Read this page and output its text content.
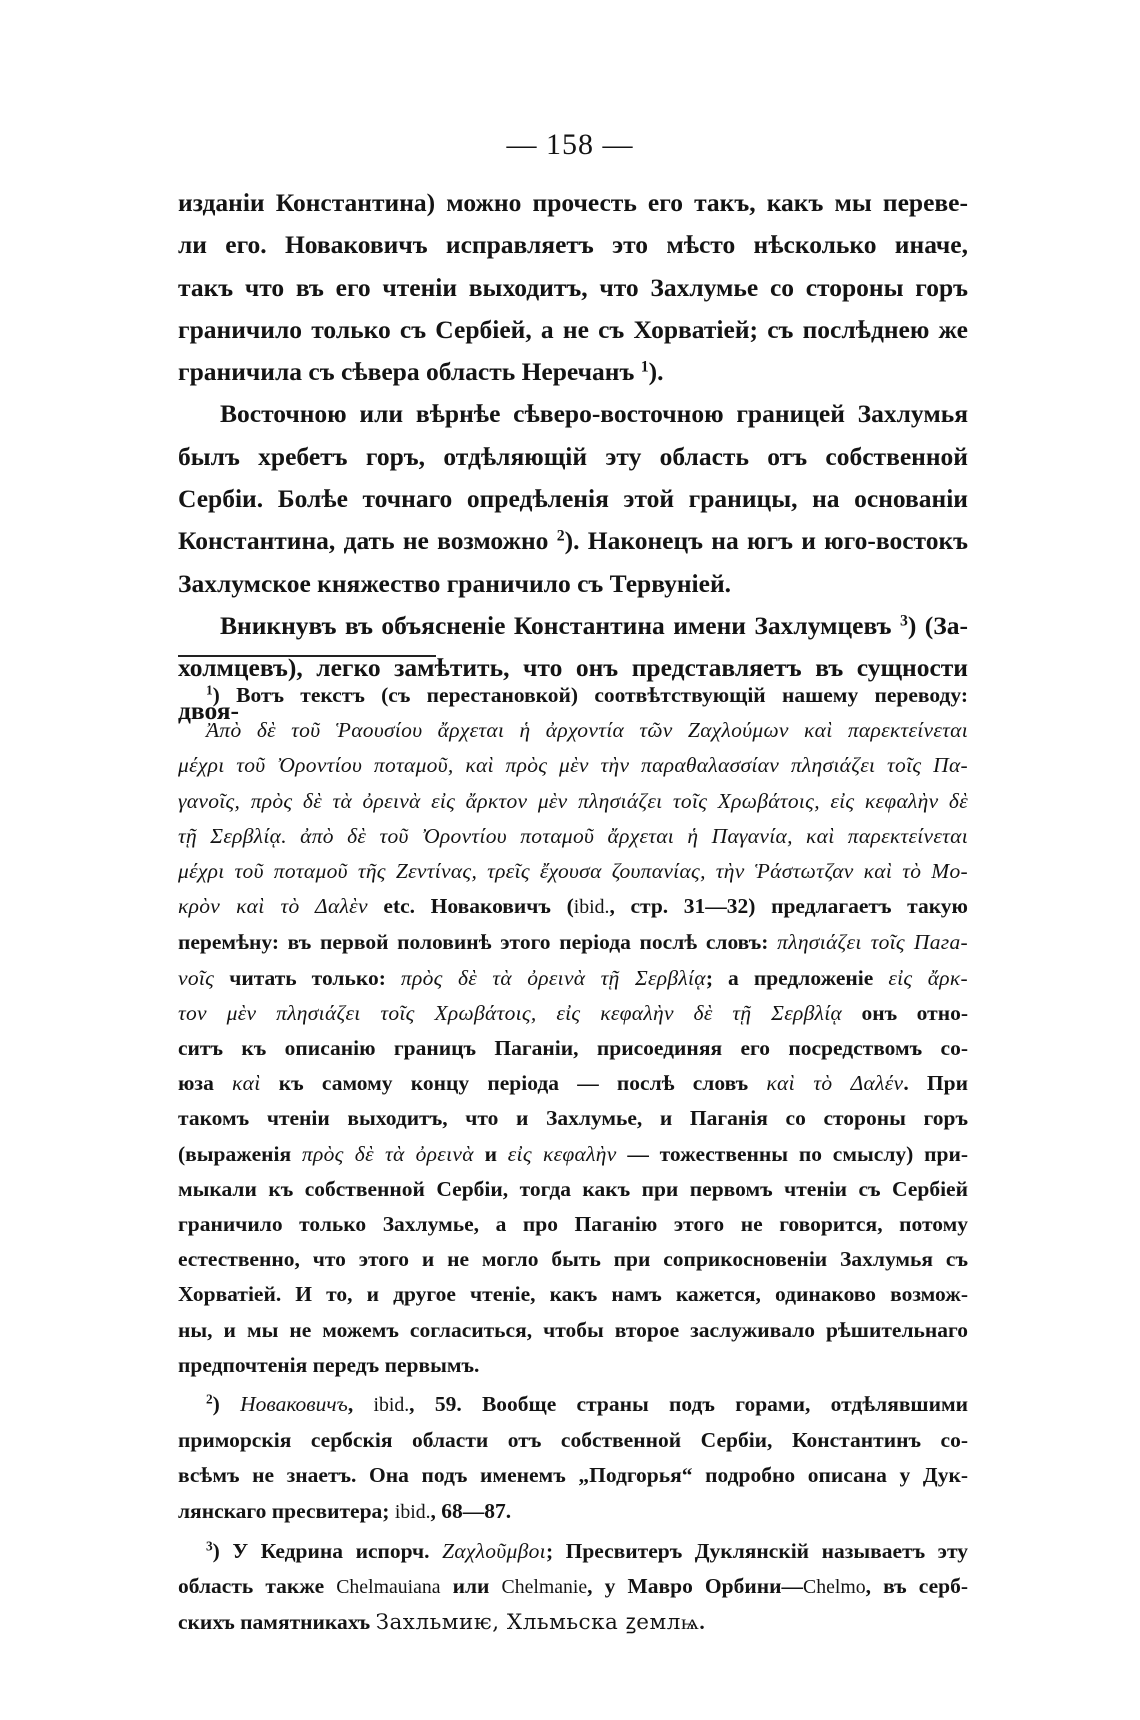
— 158 —

изданіи Константина) можно прочесть его такъ, какъ мы переве-

ли его. Новаковичъ исправляетъ это мѣсто нѣсколько иначе,

такъ что въ его чтеніи выходитъ, что Захлумье со стороны горъ

граничило только съ Сербіей, а не съ Хорватіей; съ послѣднею же

граничила съ сѣвера область Неречанъ $^1$).

Восточною или вѣрнѣе сѣверо-восточною границей Захлумья

былъ хребетъ горъ, отдѣляющій эту область отъ собственной

Сербіи. Болѣе точнаго опредѣленія этой границы, на основаніи

Константина, дать не возможно $^2$). Наконецъ на югъ и юго-востокъ

Захлумское княжество граничило съ Тервуніей.

Вникнувъ въ объясненіе Константина имени Захлумцевъ $^3$) (За-

холмцевъ), легко замѣтить, что онъ представляетъ въ сущности двоя-

$^1$) Вотъ текстъ (съ перестановкой) соотвѣтствующій нашему переводу:

Ἀπὸ δὲ τοῦ Ῥαουσίου ἄρχεται ἡ ἀρχοντία τῶν Ζαχλούμων καὶ παρεκτείνεται

μέχρι τοῦ Ὀροντίου ποταμοῦ, καὶ πρὸς μὲν τὴν παραθαλασσίαν πλησιάζει τοῖς Πα-

γανοῖς, πρὸς δὲ τὰ ὀρεινὰ εἰς ἄρκτον μὲν πλησιάζει τοῖς Χρωβάτοις, εἰς κεφαλὴν δὲ

τῇ Σερβλίᾳ. ἀπὸ δὲ τοῦ Ὀροντίου ποταμοῦ ἄρχεται ἡ Παγανία, καὶ παρεκτείνεται

μέχρι τοῦ ποταμοῦ τῆς Ζεντίνας, τρεῖς ἔχουσα ζουπανίας, τὴν Ῥάστωτζαν καὶ τὸ Μο-

κρὸν καὶ τὸ Δαλὲν etc. Новаковичъ (ibid., стр. 31—32) предлагаетъ такую

перемѣну: въ первой половинѣ этого періода послѣ словъ: πλησιάζει τοῖς Πага-

νοῖς читать только: πρὸς δὲ τὰ ὀρεινὰ τῇ Σερβλίᾳ; а предложеніе εἰς ἄρκ-

τον μὲν πλησιάζει τοῖς Χρωβάτοις, εἰς κεφαλὴν δὲ τῇ Σερβλίᾳ онъ отно-

ситъ къ описанію границъ Паганіи, присоединяя его посредствомъ со-

юза καὶ къ самому концу періода — послѣ словъ καὶ τὸ Δαλέν. При

такомъ чтеніи выходитъ, что и Захлумье, и Паганія со стороны горъ

(выраженія πρὸς δὲ τὰ ὀρεινὰ и εἰς κεφαλὴν — тожественны по смыслу) при-

мыкали къ собственной Сербіи, тогда какъ при первомъ чтеніи съ Сербіей

граничило только Захлумье, а про Паганію этого не говорится, потому

естественно, что этого и не могло быть при соприкосновеніи Захлумья съ

Хорватіей. И то, и другое чтеніе, какъ намъ кажется, одинаково возмож-

ны, и мы не можемъ согласиться, чтобы второе заслуживало рѣшительнаго

предпочтенія передъ первымъ.

$^2$) Новаковичъ, ibid., 59. Вообще страны подъ горами, отдѣлявшими

приморскія сербскія области отъ собственной Сербіи, Константинъ со-

всѣмъ не знаетъ. Она подъ именемъ „Подгорья“ подробно описана у Дук-

лянскаго пресвитера; ibid., 68—87.

$^3$) У Кедрина испорч. Ζαχλοῦμβοι; Пресвитеръ Дуклянскій называетъ эту

область также Chelmauiana или Chelmanie, у Мавро Орбини—Chelmo, въ серб-

скихъ памятникахъ Захльмиѥ, Хльмьска ꙁемлѩ.
